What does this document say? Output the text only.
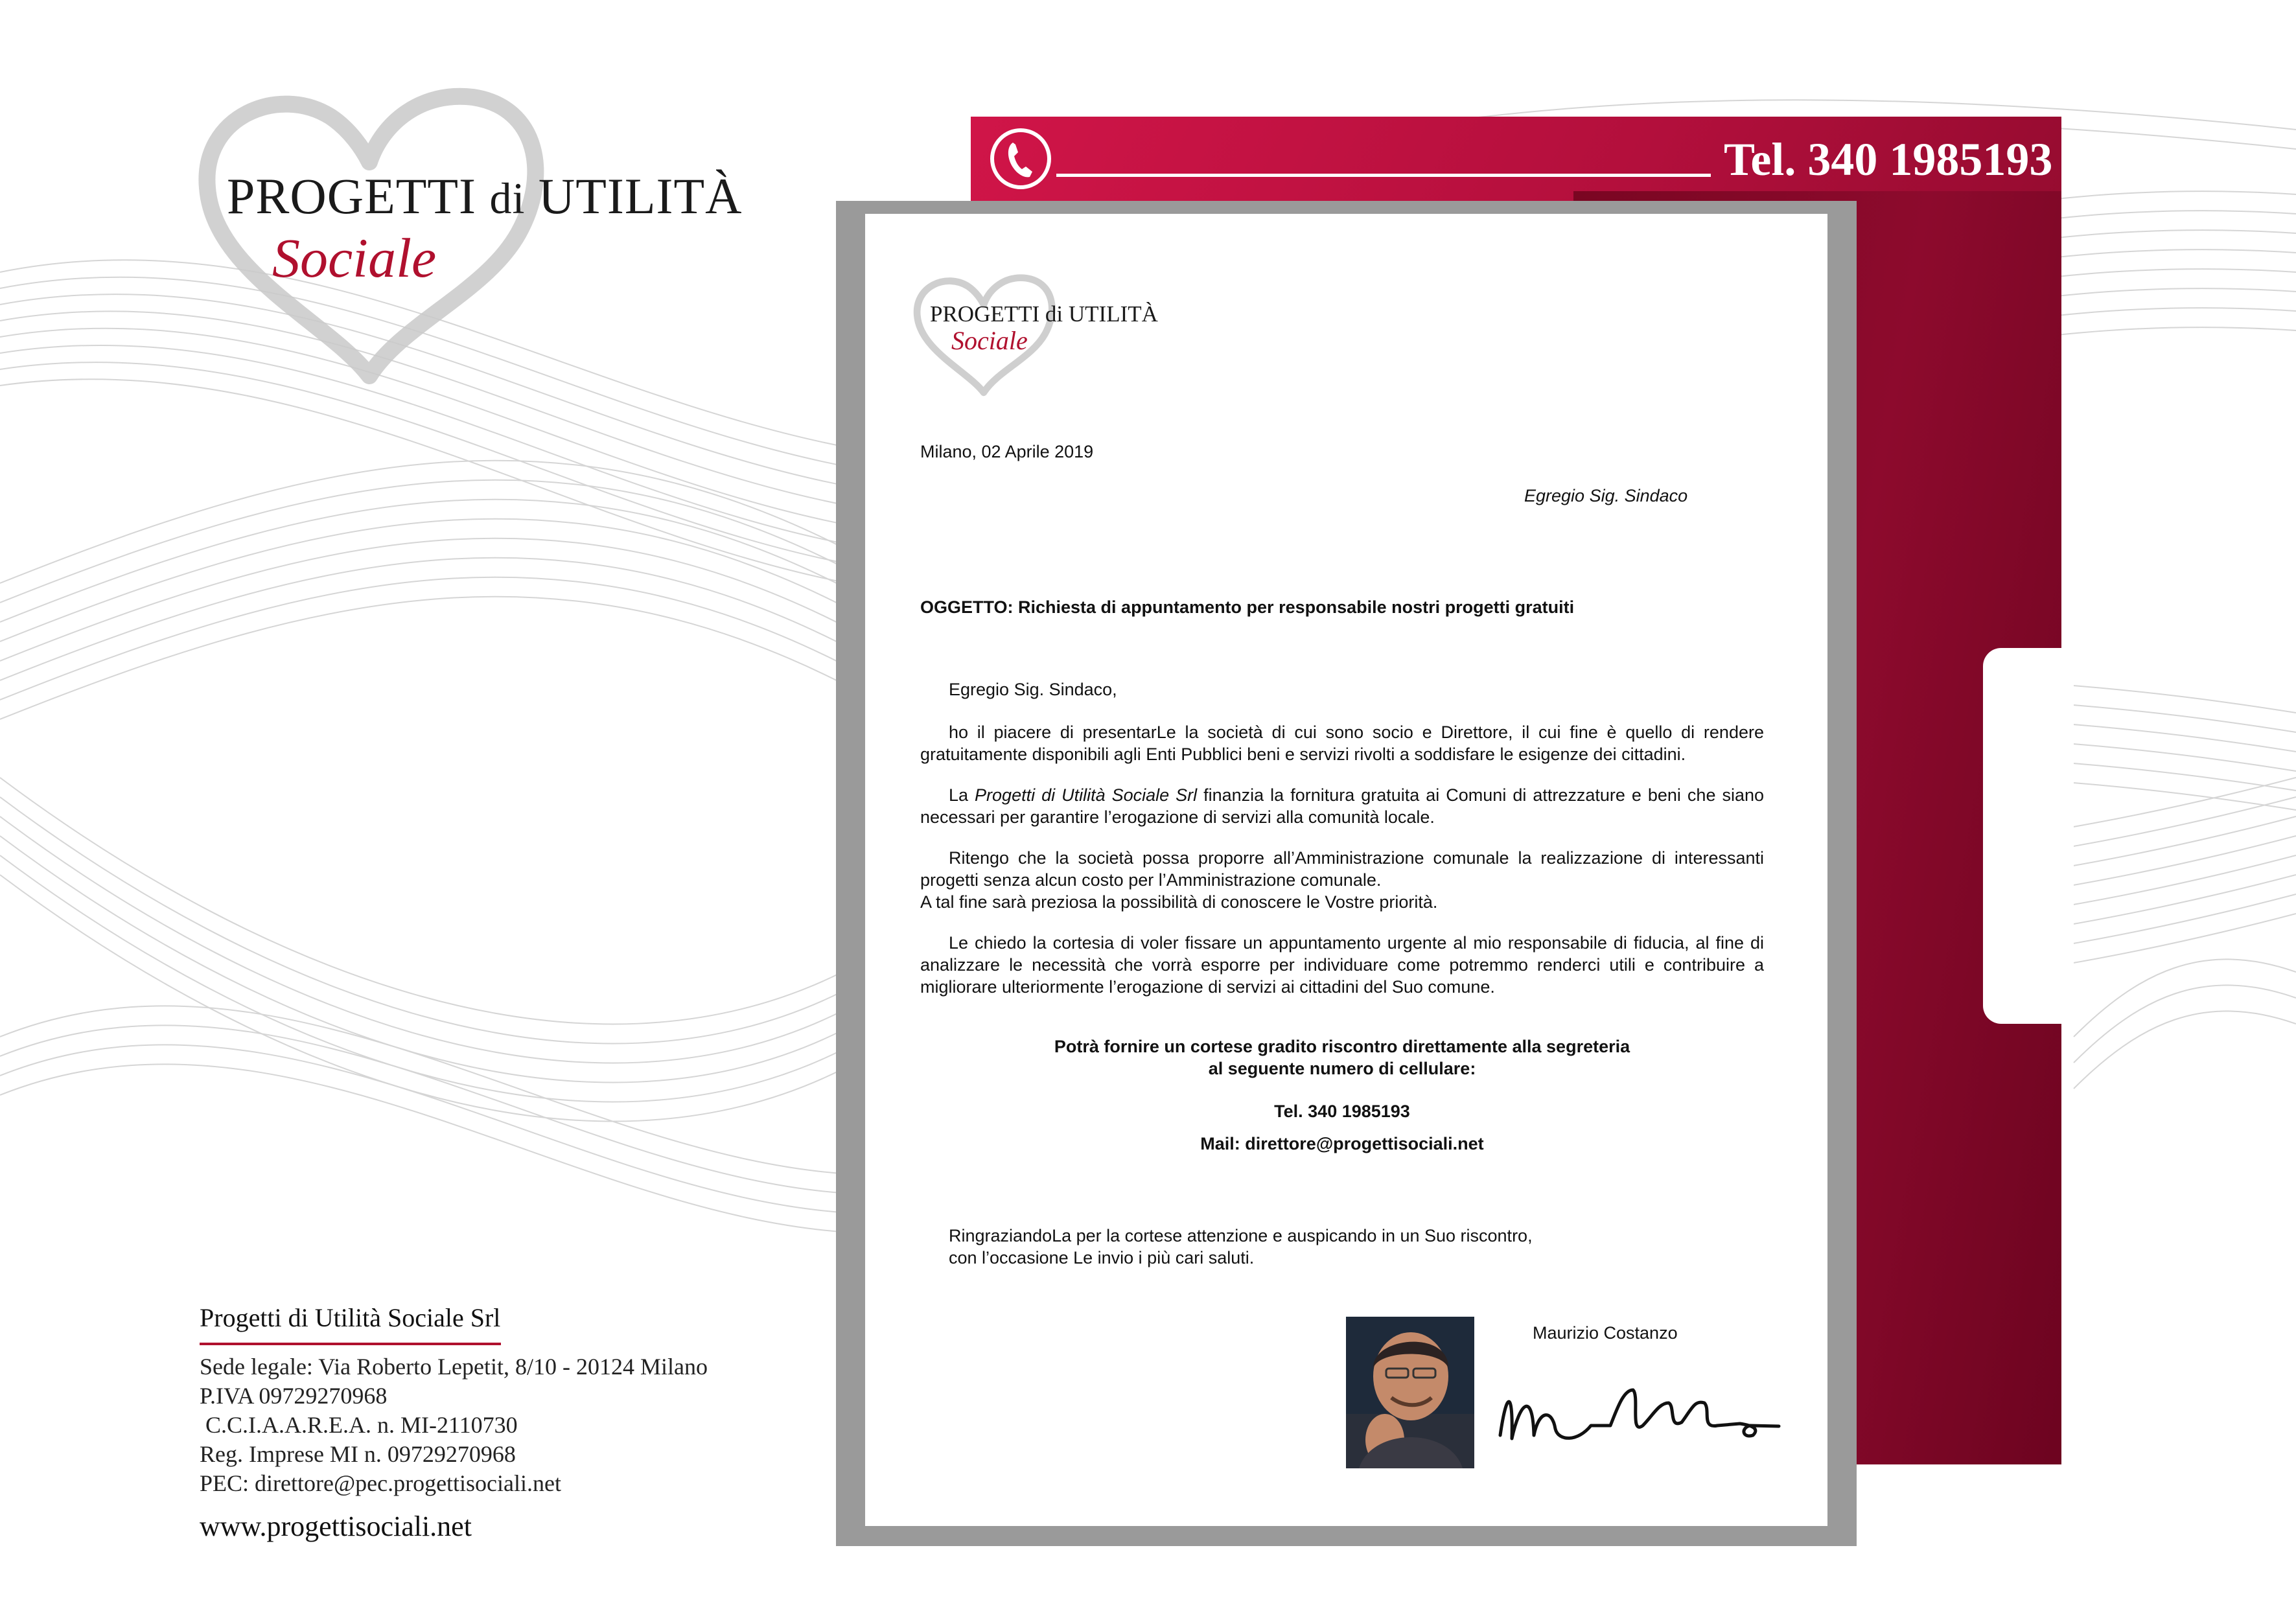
PROGETTI di UTILITÀ
Sociale
Progetti di Utilità Sociale Srl
Sede legale: Via Roberto Lepetit, 8/10 - 20124 Milano
P.IVA 09729270968
C.C.I.A.A.R.E.A. n. MI-2110730
Reg. Imprese MI n. 09729270968
PEC: direttore@pec.progettisociali.net
www.progettisociali.net
Tel. 340 1985193
PROGETTI di UTILITÀ
Sociale
Milano, 02 Aprile 2019
Egregio Sig. Sindaco
OGGETTO: Richiesta di appuntamento per responsabile nostri progetti gratuiti
Egregio Sig. Sindaco,
ho il piacere di presentarLe la società di cui sono socio e Direttore, il cui fine è quello di rendere gratuitamente disponibili agli Enti Pubblici beni e servizi rivolti a soddisfare le esigenze dei cittadini.
La Progetti di Utilità Sociale Srl finanzia la fornitura gratuita ai Comuni di attrezzature e beni che siano necessari per garantire l’erogazione di servizi alla comunità locale.
Ritengo che la società possa proporre all’Amministrazione comunale la realizzazione di interessanti progetti senza alcun costo per l’Amministrazione comunale.
A tal fine sarà preziosa la possibilità di conoscere le Vostre priorità.
Le chiedo la cortesia di voler fissare un appuntamento urgente al mio responsabile di fiducia, al fine di analizzare le necessità che vorrà esporre per individuare come potremmo renderci utili e contribuire a migliorare ulteriormente l’erogazione di servizi ai cittadini del Suo comune.
Potrà fornire un cortese gradito riscontro direttamente alla segreteria
al seguente numero di cellulare:
Tel. 340 1985193
Mail: direttore@progettisociali.net
RingraziandoLa per la cortese attenzione e auspicando in un Suo riscontro,
con l’occasione Le invio i più cari saluti.
Maurizio Costanzo
